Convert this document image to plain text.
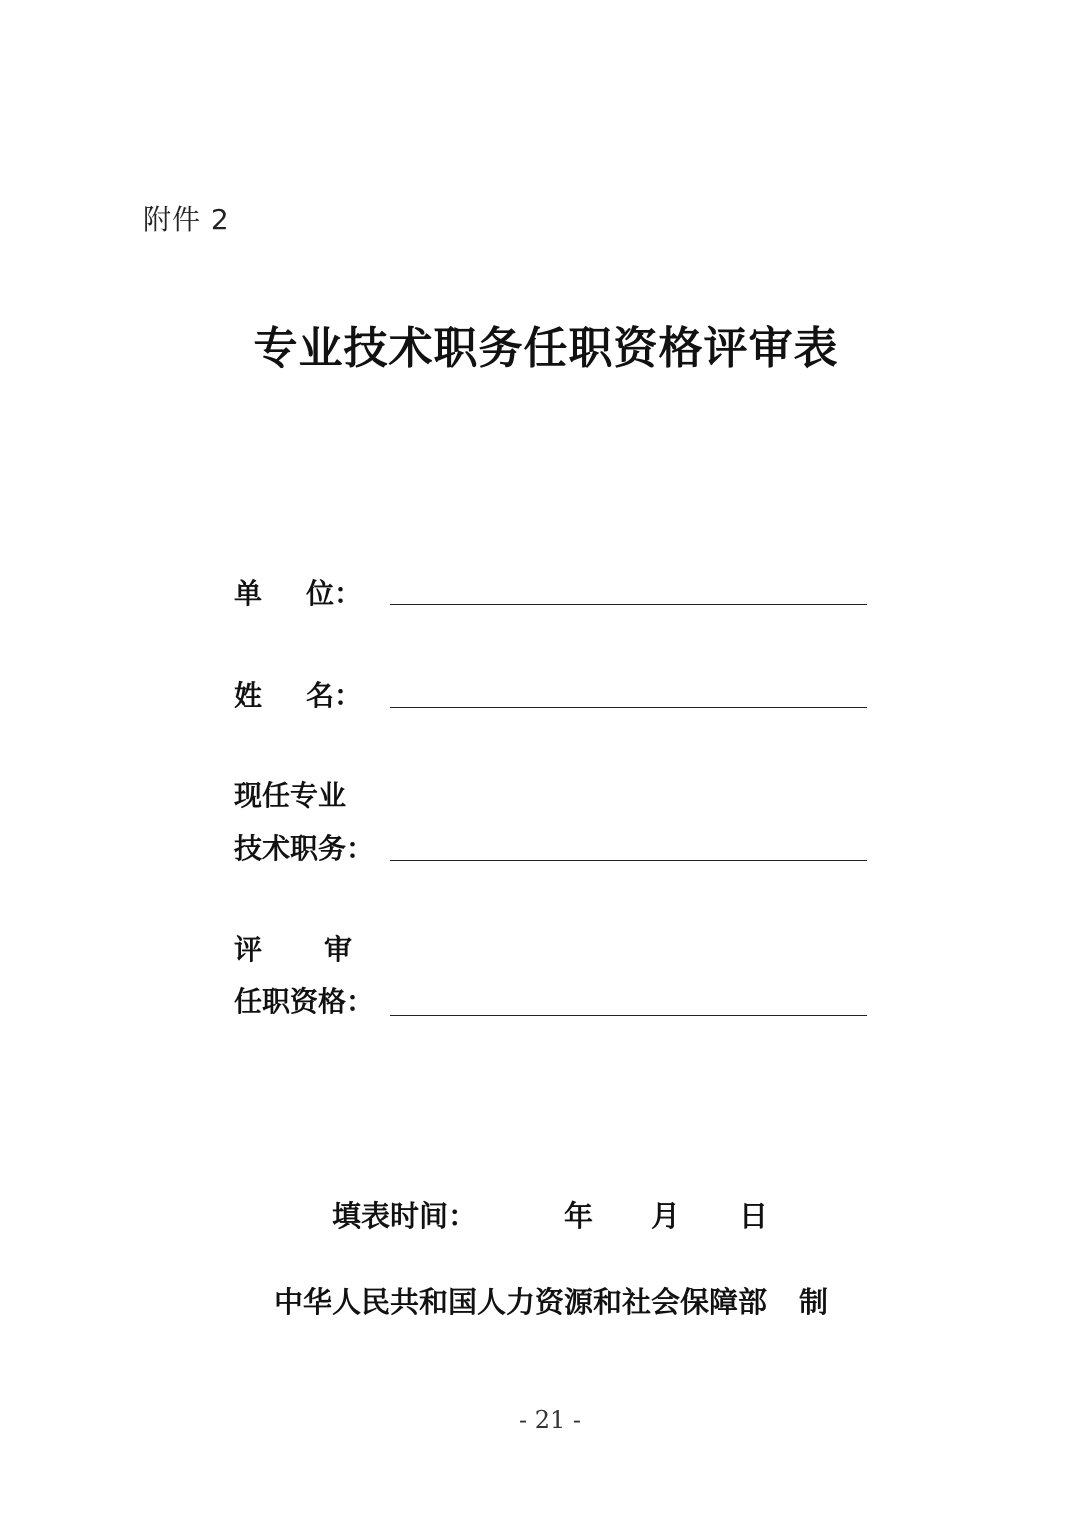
附件 2
专业技术职务任职资格评审表
单 位：
姓 名：
现任专业
技术职务：
评 审
任职资格：
填表时间：	年 月 日
中华人民共和国人力资源和社会保障部 制
- 21 -
